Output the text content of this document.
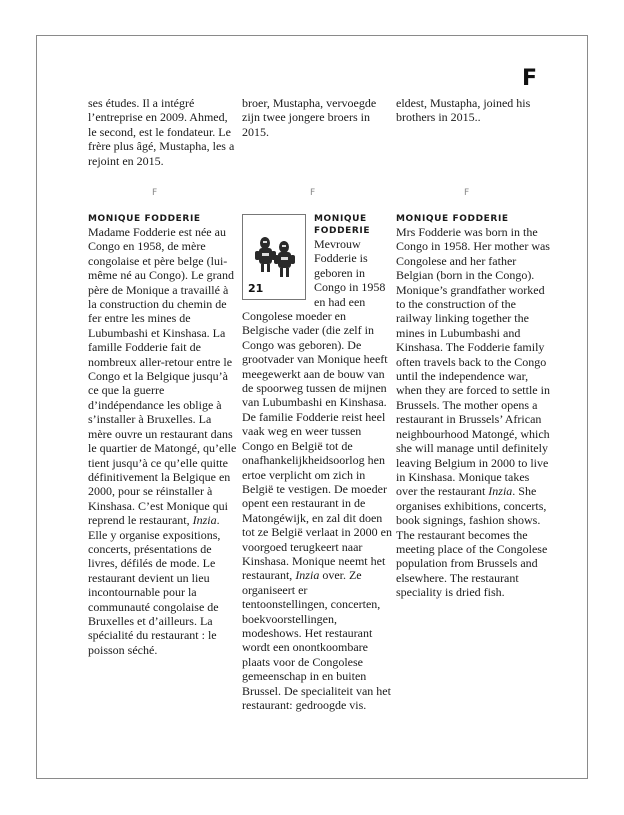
F
ses études. Il a intégré l’entreprise en 2009. Ahmed, le second, est le fondateur. Le frère plus âgé, Mustapha, les a rejoint en 2015.
broer, Mustapha, vervoegde zijn twee jongere broers in 2015.
eldest, Mustapha, joined his brothers in 2015..
F	F	F
MONIQUE FODDERIE

Madame Fodderie est née au Congo en 1958, de mère congolaise et père belge (lui-même né au Congo). Le grand père de Monique a travaillé à la construction du chemin de fer entre les mines de Lubumbashi et Kinshasa. La famille Fodderie fait de nombreux aller-retour entre le Congo et la Belgique jusqu’à ce que la guerre d’indépendance les oblige à s’installer à Bruxelles. La mère ouvre un restaurant dans le quartier de Matongé, qu’elle tient jusqu’à ce qu’elle quitte définitivement la Belgique en 2000, pour se réinstaller à Kinshasa. C’est Monique qui reprend le restaurant, Inzia. Elle y organise expositions, concerts, présentations de livres, défilés de mode. Le restaurant devient un lieu incontournable pour la communauté congolaise de Bruxelles et d’ailleurs. La spécialité du restaurant : le poisson séché.

21
MONIQUE FODDERIE

Mevrouw Fodderie is geboren in Congo in 1958 en had een Congolese moeder en Belgische vader (die zelf in Congo was geboren). De grootvader van Monique heeft meegewerkt aan de bouw van de spoorweg tussen de mijnen van Lubumbashi en Kinshasa. De familie Fodderie reist heel vaak weg en weer tussen Congo en België tot de onafhankelijkheidsoorlog hen ertoe verplicht om zich in België te vestigen. De moeder opent een restaurant in de Matongéwijk, en zal dit doen tot ze België verlaat in 2000 en voorgoed terugkeert naar Kinshasa. Monique neemt het restaurant, Inzia over. Ze organiseert er tentoonstellingen, concerten, boekvoorstellingen, modeshows. Het restaurant wordt een onontkoombare plaats voor de Congolese gemeenschap in en buiten Brussel. De specialiteit van het restaurant: gedroogde vis.

MONIQUE FODDERIE

Mrs Fodderie was born in the Congo in 1958. Her mother was Congolese and her father Belgian (born in the Congo). Monique’s grandfather worked to the construction of the railway linking together the mines in Lubumbashi and Kinshasa. The Fodderie family often travels back to the Congo until the independence war, when they are forced to settle in Brussels. The mother opens a restaurant in Brussels’ African neighbourhood Matongé, which she will manage until definitely leaving Belgium in 2000 to live in Kinshasa. Monique takes over the restaurant Inzia. She organises exhibitions, concerts, book signings, fashion shows. The restaurant becomes the meeting place of the Congolese population from Brussels and elsewhere. The restaurant speciality is dried fish.
